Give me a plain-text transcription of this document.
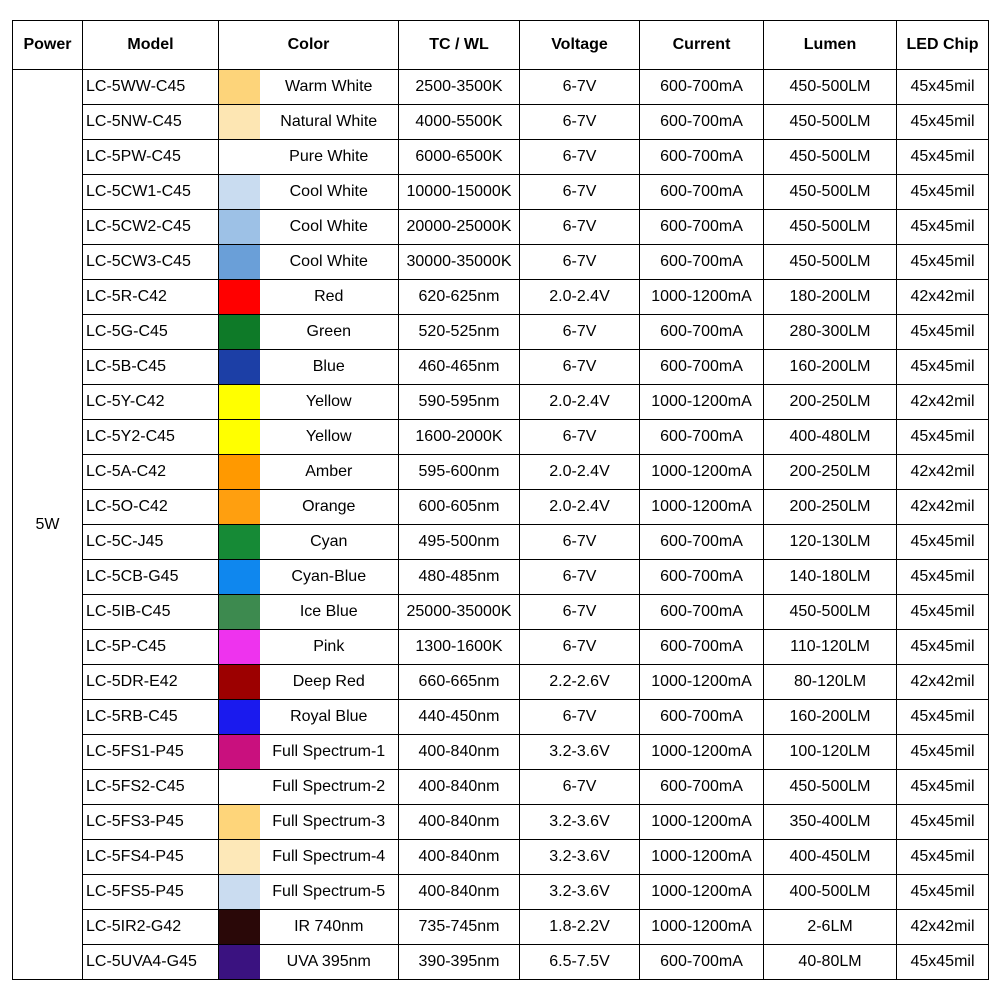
Power	Model	Color		TC / WL	Voltage	Current	Lumen	LED Chip
5W	LC-5WW-C45		Warm White	2500-3500K	6-7V	600-700mA	450-500LM	45x45mil
	LC-5NW-C45		Natural White	4000-5500K	6-7V	600-700mA	450-500LM	45x45mil
	LC-5PW-C45		Pure White	6000-6500K	6-7V	600-700mA	450-500LM	45x45mil
	LC-5CW1-C45		Cool White	10000-15000K	6-7V	600-700mA	450-500LM	45x45mil
	LC-5CW2-C45		Cool White	20000-25000K	6-7V	600-700mA	450-500LM	45x45mil
	LC-5CW3-C45		Cool White	30000-35000K	6-7V	600-700mA	450-500LM	45x45mil
	LC-5R-C42		Red	620-625nm	2.0-2.4V	1000-1200mA	180-200LM	42x42mil
	LC-5G-C45		Green	520-525nm	6-7V	600-700mA	280-300LM	45x45mil
	LC-5B-C45		Blue	460-465nm	6-7V	600-700mA	160-200LM	45x45mil
	LC-5Y-C42		Yellow	590-595nm	2.0-2.4V	1000-1200mA	200-250LM	42x42mil
	LC-5Y2-C45		Yellow	1600-2000K	6-7V	600-700mA	400-480LM	45x45mil
	LC-5A-C42		Amber	595-600nm	2.0-2.4V	1000-1200mA	200-250LM	42x42mil
	LC-5O-C42		Orange	600-605nm	2.0-2.4V	1000-1200mA	200-250LM	42x42mil
	LC-5C-J45		Cyan	495-500nm	6-7V	600-700mA	120-130LM	45x45mil
	LC-5CB-G45		Cyan-Blue	480-485nm	6-7V	600-700mA	140-180LM	45x45mil
	LC-5IB-C45		Ice Blue	25000-35000K	6-7V	600-700mA	450-500LM	45x45mil
	LC-5P-C45		Pink	1300-1600K	6-7V	600-700mA	110-120LM	45x45mil
	LC-5DR-E42		Deep Red	660-665nm	2.2-2.6V	1000-1200mA	80-120LM	42x42mil
	LC-5RB-C45		Royal Blue	440-450nm	6-7V	600-700mA	160-200LM	45x45mil
	LC-5FS1-P45		Full Spectrum-1	400-840nm	3.2-3.6V	1000-1200mA	100-120LM	45x45mil
	LC-5FS2-C45		Full Spectrum-2	400-840nm	6-7V	600-700mA	450-500LM	45x45mil
	LC-5FS3-P45		Full Spectrum-3	400-840nm	3.2-3.6V	1000-1200mA	350-400LM	45x45mil
	LC-5FS4-P45		Full Spectrum-4	400-840nm	3.2-3.6V	1000-1200mA	400-450LM	45x45mil
	LC-5FS5-P45		Full Spectrum-5	400-840nm	3.2-3.6V	1000-1200mA	400-500LM	45x45mil
	LC-5IR2-G42		IR 740nm	735-745nm	1.8-2.2V	1000-1200mA	2-6LM	42x42mil
	LC-5UVA4-G45		UVA 395nm	390-395nm	6.5-7.5V	600-700mA	40-80LM	45x45mil
